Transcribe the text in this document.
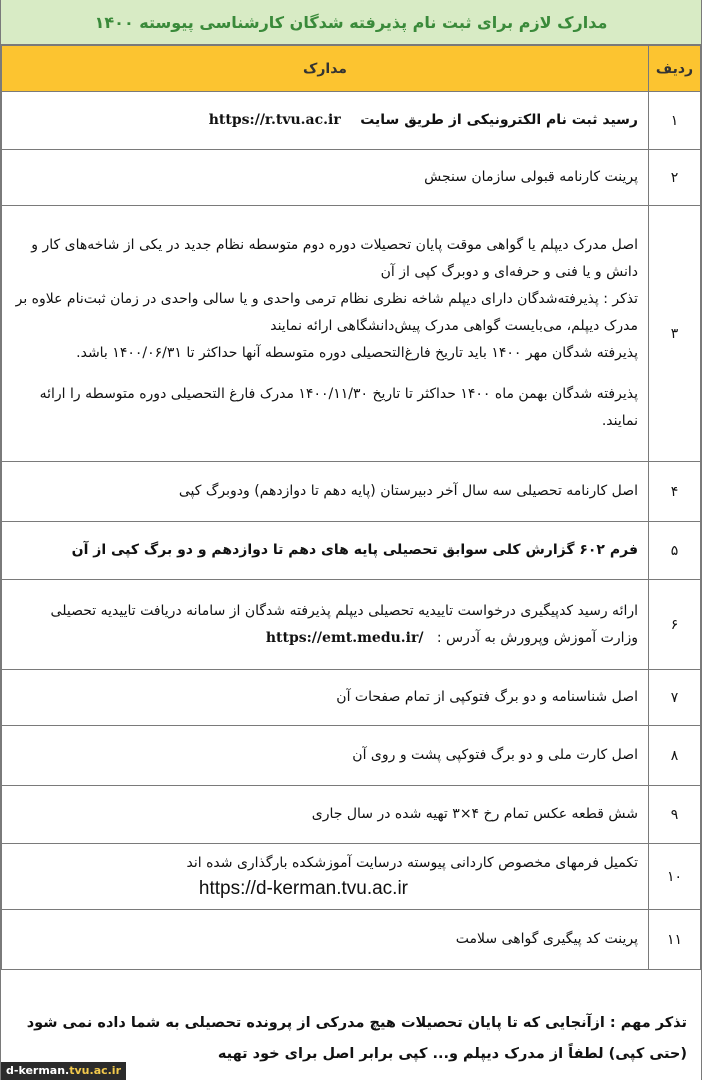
مدارک لازم برای ثبت نام پذیرفته شدگان کارشناسی پیوسته ۱۴۰۰
ردیف	مدارک
۱	رسید ثبت نام الکترونیکی از طریق سایت    https://r.tvu.ac.ir
۲	پرینت کارنامه قبولی سازمان سنجش
۳	اصل مدرک دیپلم یا گواهی موقت پایان تحصیلات دوره دوم متوسطه نظام جدید در یکی از شاخه‌های کار و دانش و یا فنی و حرفه‌ای و دوبرگ کپی از آن
تذکر : پذیرفته‌شدگان دارای دیپلم شاخه نظری نظام ترمی واحدی و یا سالی واحدی در زمان ثبت‌نام علاوه بر مدرک دیپلم، می‌بایست گواهی مدرک پیش‌دانشگاهی ارائه نمایند
پذیرفته شدگان مهر ۱۴۰۰ باید تاریخ فارغ‌التحصیلی دوره متوسطه آنها حداکثر تا ۱۴۰۰/۰۶/۳۱ باشد.
پذیرفته شدگان بهمن ماه ۱۴۰۰ حداکثر تا تاریخ ۱۴۰۰/۱۱/۳۰ مدرک فارغ التحصیلی دوره متوسطه را ارائه نمایند.

۴	اصل کارنامه تحصیلی سه سال آخر دبیرستان (پایه دهم تا دوازدهم) ودوبرگ کپی
۵	فرم ۶۰۲ گزارش کلی سوابق تحصیلی پایه های دهم تا دوازدهم و دو برگ کپی از آن
۶	ارائه رسید کدپیگیری درخواست تاییدیه تحصیلی دیپلم پذیرفته شدگان از سامانه دریافت تاییدیه تحصیلی وزارت آموزش وپرورش به آدرس :   https://emt.medu.ir/
۷	اصل شناسنامه و دو برگ فتوکپی از تمام صفحات آن
۸	اصل کارت ملی و دو برگ فتوکپی پشت و روی آن
۹	شش قطعه عکس تمام رخ ۴×۳ تهیه شده در سال جاری
۱۰	تکمیل فرمهای مخصوص کاردانی پیوسته درسایت آموزشکده بارگذاری شده اند
https://d-kerman.tvu.ac.ir

۱۱	پرینت کد پیگیری گواهی سلامت
تذکر مهم : ازآنجایی که تا پایان تحصیلات هیچ مدرکی از پرونده تحصیلی به شما داده نمی شود (حتی کپی) لطفاً از مدرک دیپلم و... کپی برابر اصل برای خود تهیه
d-kerman.tvu.ac.ir
